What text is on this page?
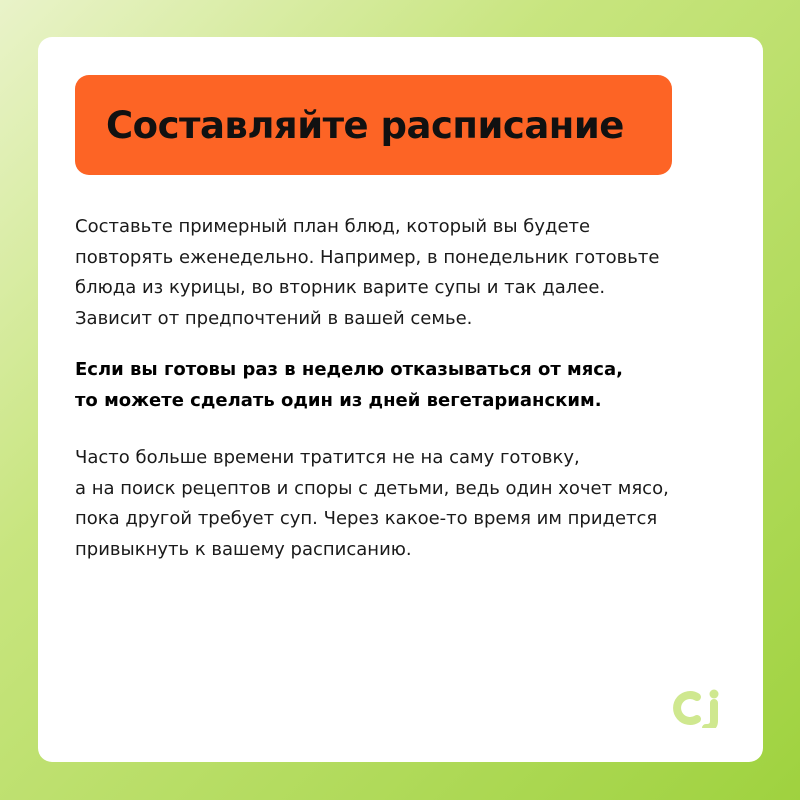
Составляйте расписание

Составьте примерный план блюд, который вы будете
повторять еженедельно. Например, в понедельник готовьте
блюда из курицы, во вторник варите супы и так далее.
Зависит от предпочтений в вашей семье.

Если вы готовы раз в неделю отказываться от мяса,
то можете сделать один из дней вегетарианским.

Часто больше времени тратится не на саму готовку,
а на поиск рецептов и споры с детьми, ведь один хочет мясо,
пока другой требует суп. Через какое-то время им придется
привыкнуть к вашему расписанию.
